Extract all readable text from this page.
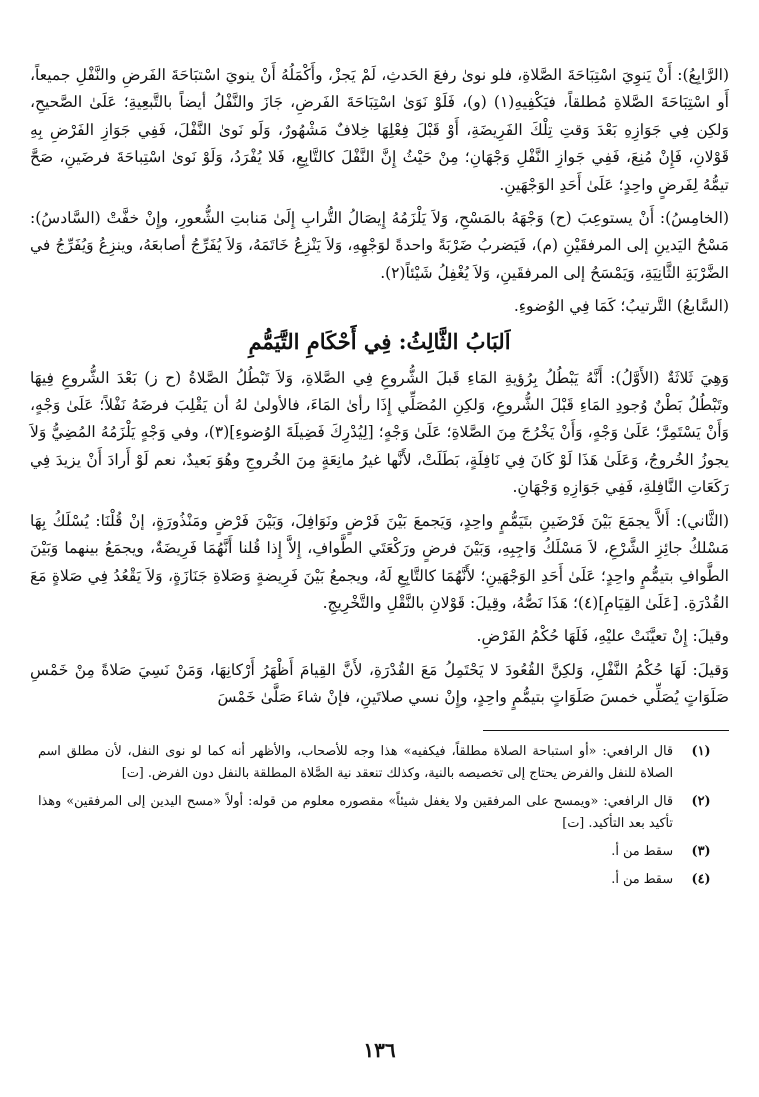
(الرَّابِعُ): أَنْ يَنوِيَ اسْتِبَاحَةَ الصَّلاةِ، فلو نوىٰ رفعَ الحَدثِ، لَمْ يَجزْ، وأَكْمَلُهُ أَنْ ينويَ اسْتبَاحَةَ الفَرضِ والنَّفْلِ جميعاً، أَو اسْتِبَاحَةَ الصَّلاةِ مُطلقاً، فيَكْفِيهِ(١) (و)، فَلَوْ نَوَىٰ اسْتِبَاحَةَ الفَرضِ، جَازَ والنَّفْلُ أيضاً بالتَّبعِيةِ؛ عَلَىٰ الصَّحيحِ، وَلكِن فِي جَوَازِهِ بَعْدَ وَقتِ تِلْكَ الفَرِيضَةِ، أَوْ قَبْلَ فِعْلِهَا خِلافٌ مَشْهُورٌ، وَلَو نَوىٰ النَّفْلَ، فَفِي جَوَازِ الفَرْضِ بِهِ قَوْلانِ، فَإِنْ مُنِعَ، فَفِي جَوازِ النَّفْلِ وَجْهَانِ؛ مِنْ حَيْثُ إِنَّ النَّفْلَ كالتَّابِعِ، فَلا يُفْرَدُ، وَلَوْ نَوىٰ اسْتِباحَةَ فرضَينِ، صَحَّ تيمُّهُ لِفَرضٍ واحِدٍ؛ عَلَىٰ أَحَدِ الوَجْهَينِ.

(الخامِسُ): أَنْ يستوعِبَ (ح) وَجْهَهُ بالمَسْحِ، وَلاَ يَلْزَمُهُ إِيصَالُ التُّرابِ إِلَىٰ مَنابتِ الشُّعورِ، وإِنْ خفَّتْ (السَّادسُ): مَسْحُ اليَدينِ إلى المرفقَيْنِ (م)، فَيَضربُ ضَرْبَةً واحدةً لوَجْهِهِ، وَلاَ يَنْزِعُ خَاتَمَهُ، وَلاَ يُفَرِّجُ أصابعَهُ، وينزِعُ وَيُفَرِّجُ في الضَّرْبَةِ الثَّانِيَةِ، وَيَمْسَحُ إلى المرفقَينِ، وَلاَ يُغْفِلُ شَيْئاً(٢).

(السَّابعُ) التَّرتيبُ؛ كَمَا فِي الوُضوءِ.

اَلبَابُ الثَّالِثُ: فِي أَحْكَامِ التَّيَمُّمِ

وَهِيَ ثَلاثَةٌ (الأَوَّلُ): أَنَّهُ يَبْطُلُ بِرُؤيةِ المَاءِ قَبلَ الشُّروعِ فِي الصَّلاةِ، وَلاَ تَبْطُلُ الصَّلاةُ (ح ز) بَعْدَ الشُّروعِ فِيهَا وتَبْطُلُ بَطْنٌ وُجودِ المَاءِ قَبْلَ الشُّروعِ، وَلكِنِ المُصَلِّي إِذَا رأىٰ المَاءَ، فالأولىٰ لهُ أن يَقْلِبَ فرضَهُ نَفْلاً؛ عَلَىٰ وَجْهٍ، وَأَنْ يَسْتَمِرَّ؛ عَلَىٰ وَجْهٍ، وَأَنْ يَخْرُجَ مِنَ الصَّلاةِ؛ عَلَىٰ وَجْهٍ؛ [لِيُدْرِكَ فَضِيلَةَ الوُضوءِ](٣)، وفي وَجْهٍ يَلْزَمُهُ المُضِيُّ وَلاَ يجوزُ الخُروجُ، وَعَلَىٰ هَذَا لَوْ كَانَ فِي نَافِلَةٍ، بَطَلَتْ، لأَنَّها غيرُ مانِعَةٍ مِنَ الخُروجِ وهُوَ بَعيدٌ، نعم لَوْ أَرادَ أَنْ يزيدَ فِي رَكَعَاتِ النَّافِلةِ، فَفِي جَوَازِهِ وَجْهَانِ.

(الثَّاني): أَلاَّ يجمَعَ بَيْنَ فَرْضَينِ بتَيَمُّمٍ واحِدٍ، وَيَجمعَ بَيْنَ فَرْضٍ ونَوَافِلَ، وَبَيْنَ فَرْضٍ ومَنْذُورَةٍ، إنْ قُلْنَا: يُسْلَكُ بِهَا مَسْلكُ جائِزِ الشَّرْعِ، لاَ مَسْلَكُ وَاجِبِهِ، وَبَيْنَ فرضٍ ورَكْعَتَي الطَّوافِ، إِلاَّ إِذا قُلنا أَنَّهُمَا فَرِيضَةٌ، ويجمَعُ بينهما وَبَيْنَ الطَّوافِ بتيمُّمٍ واحِدٍ؛ عَلَىٰ أَحَدِ الوَجْهَينِ؛ لأَنَّهُمَا كالتَّابِعِ لَهُ، ويجمعُ بَيْنَ فَرِيضةٍ وَصَلاةِ جَنَازَةٍ، وَلاَ يَقْعُدُ فِي صَلاةٍ مَعَ القُدْرَةِ. [عَلَىٰ القِيَامِ](٤)؛ هَذَا نَصُّهُ، وقِيلَ: قَوْلانِ بالنَّقْلِ والتَّخْرِيجِ.

وقيلَ: إِنْ تعيَّنَتْ عليْهِ، فَلَهَا حُكْمُ الفَرْضِ.

وَقيلَ: لَهَا حُكْمُ النَّفْلِ، وَلكِنَّ القُعُودَ لا يَحْتَمِلُ مَعَ القُدْرَةِ، لأَنَّ القِيامَ أَظْهَرُ أَرْكانِهَا، وَمَنْ نَسِيَ صَلاةً مِنْ خَمْسِ صَلَوَاتٍ يُصَلِّي خمسَ صَلَوَاتٍ بتيمُّمٍ واحِدٍ، وإِنْ نسي صلاتَينِ، فإنْ شاءَ صَلَّىٰ خَمْسَ

(١)
قال الرافعي: «أو استباحة الصلاة مطلقاً، فيكفيه» هذا وجه للأصحاب، والأظهر أنه كما لو نوى النفل، لأن مطلق اسم الصلاة للنفل والفرض يحتاج إلى تخصيصه بالنية، وكذلك تنعقد نية الصَّلاة المطلقة بالنفل دون الفرض. [ت]
(٢)
قال الرافعي: «ويمسح على المرفقين ولا يغفل شيئاً» مقصوره معلوم من قوله: أولاً «مسح اليدين إلى المرفقين» وهذا تأكيد بعد التأكيد. [ت]
(٣)
سقط من أ.
(٤)
سقط من أ.
١٣٦
